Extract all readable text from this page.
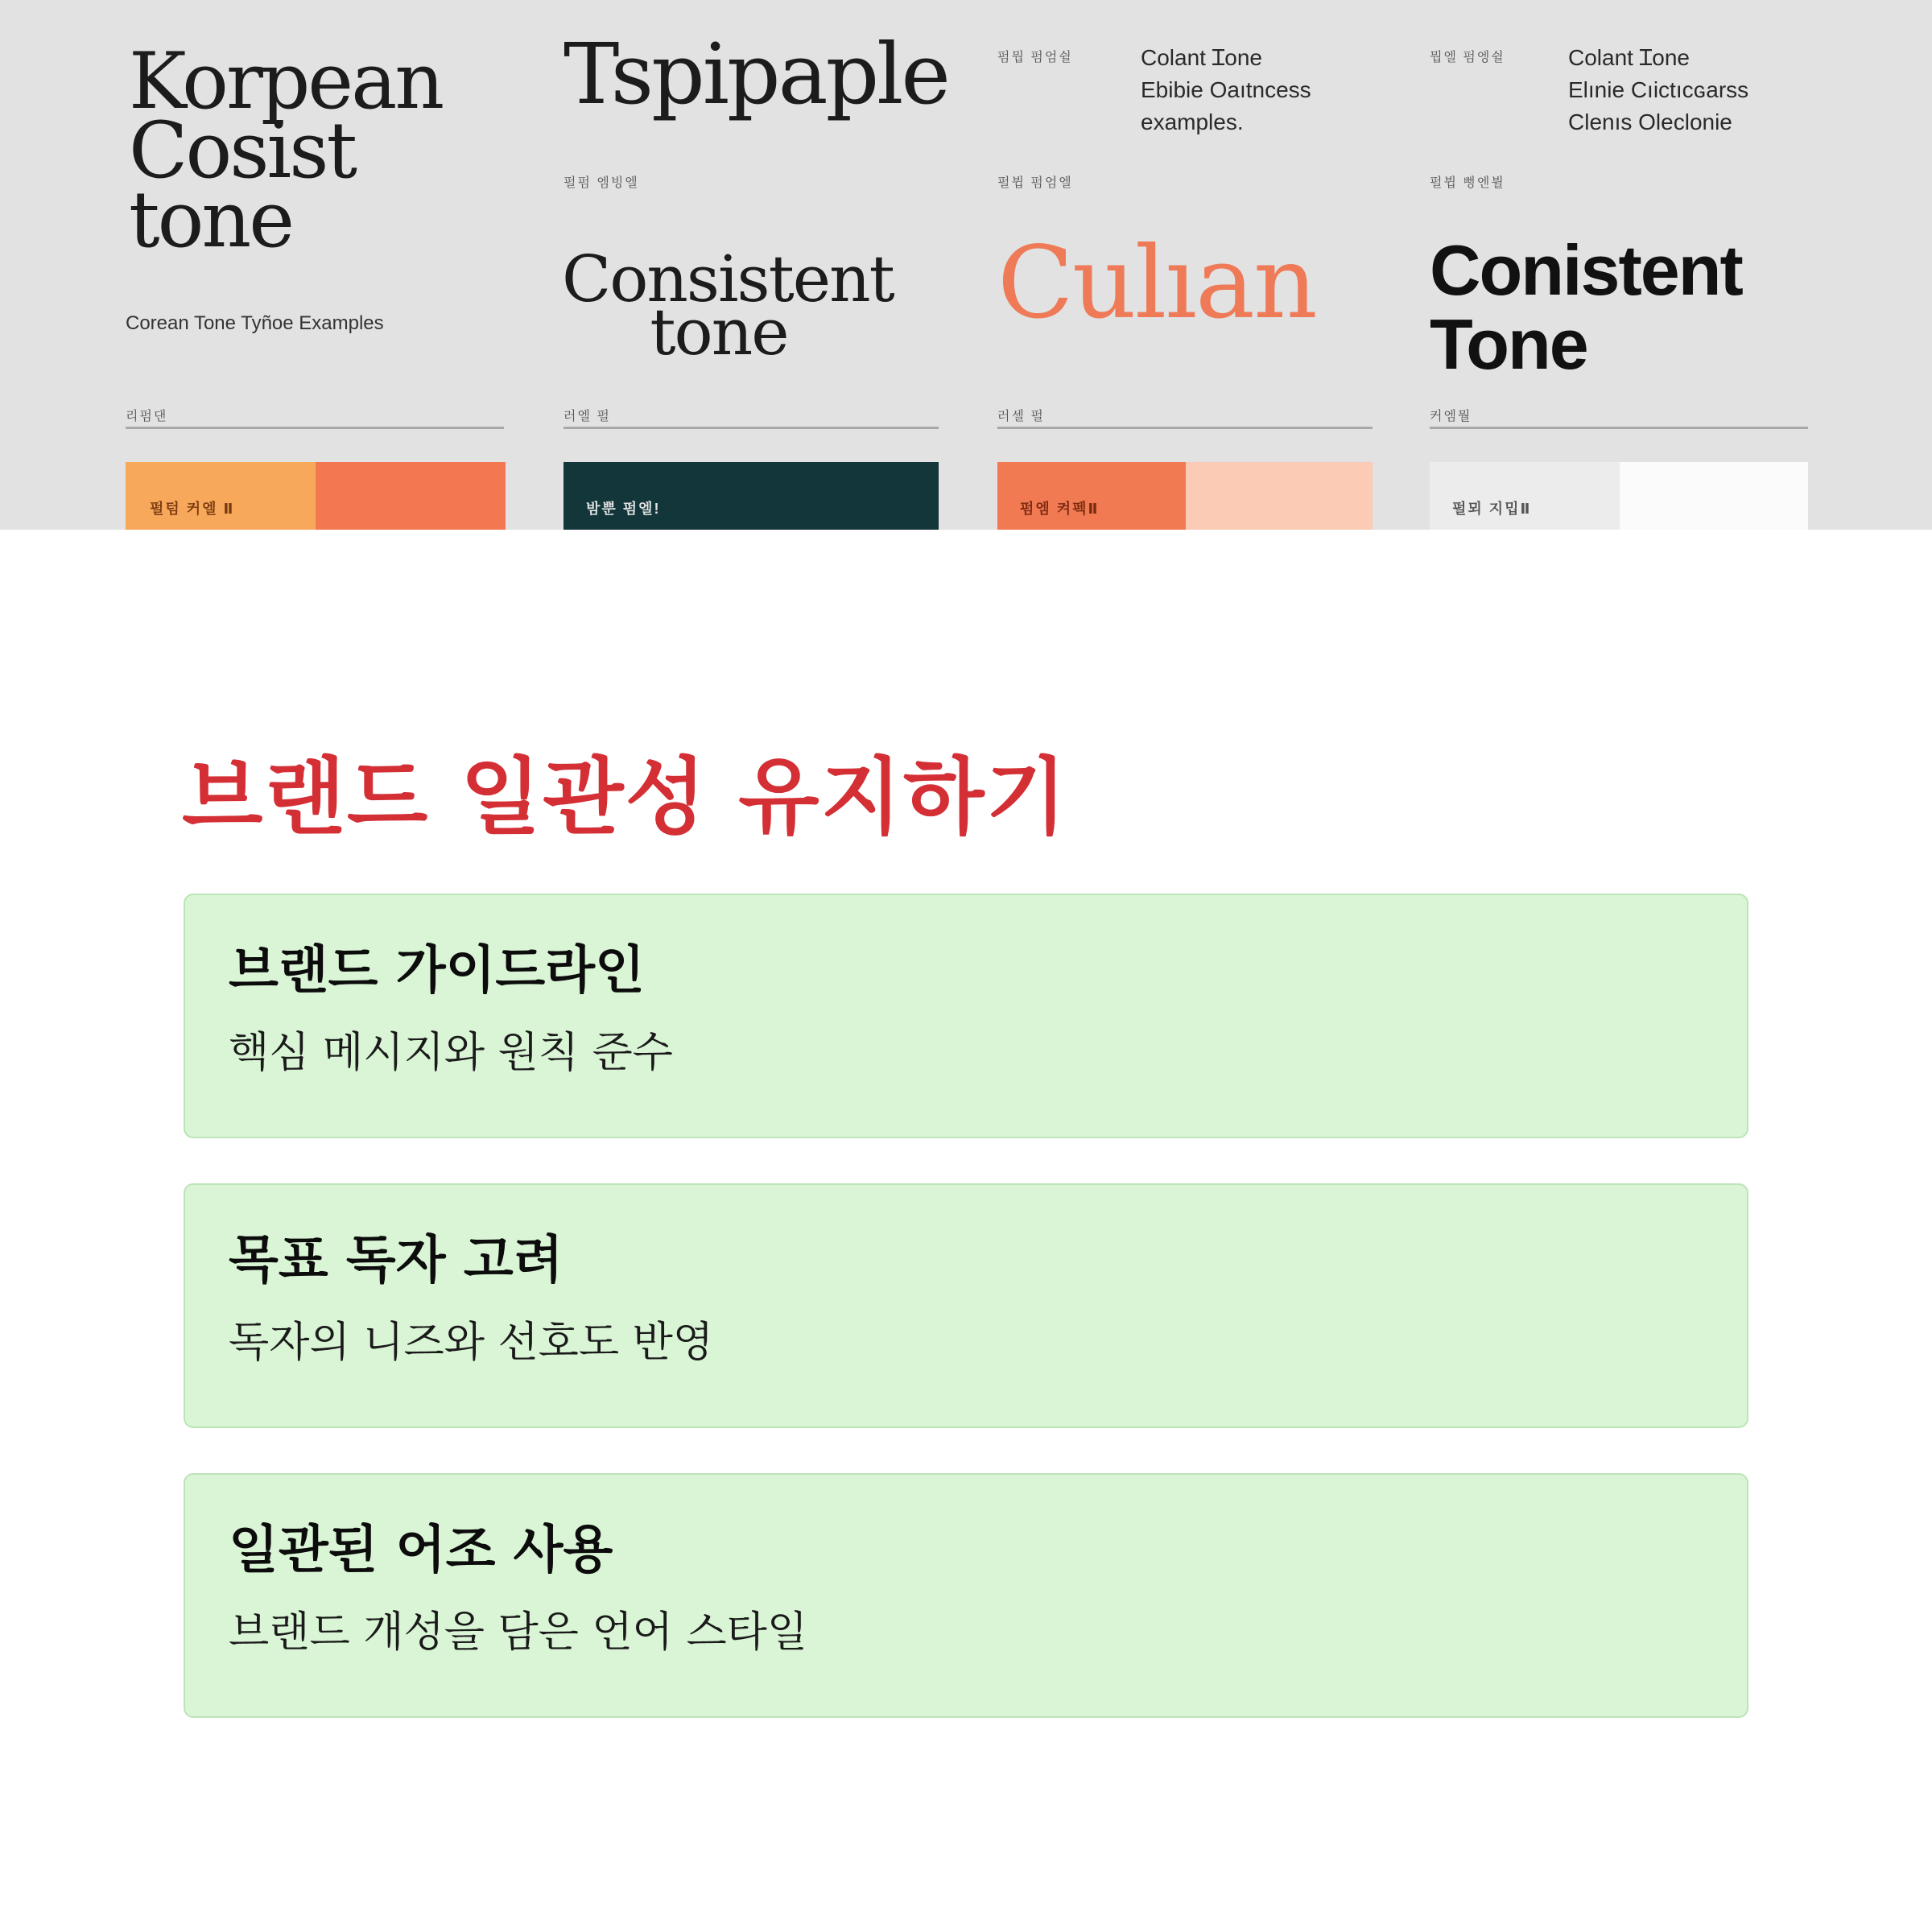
Korpean
Cosist
tone

Corean Tone Tyñoe Examples

리펌댄

펄텀 커엘 Ⅱ

Tspipaple

펄펌 엠빙엘

Consistent
tone

러엘 펄

밤뿐 펌엘!

펌뭡 펌엄쉴	Colant Ɪone
Ebibie Oaıtncess
examples.

펄뷥 펌엄엘

Culıan

러셀 펄

펌엠 켜펙Ⅱ

뭡엘 펌엥쉴	Colant Ɪone
Elınie Cıictıcɢarss
Clenıs Olecloniе

펄뷥 뻥엔뷜

Conistent
Tone

커엠뭘

펄뫼 지밉Ⅱ
브랜드 일관성 유지하기

브랜드 가이드라인

핵심 메시지와 원칙 준수

목표 독자 고려

독자의 니즈와 선호도 반영

일관된 어조 사용

브랜드 개성을 담은 언어 스타일
